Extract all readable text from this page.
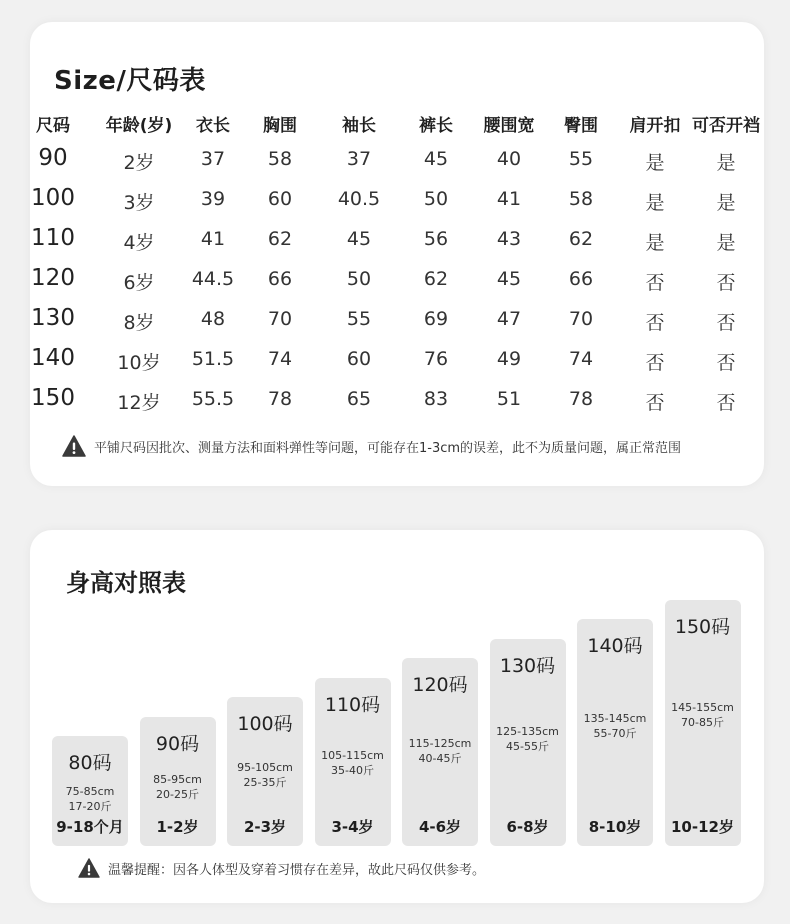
Size/尺码表
尺码 年龄(岁) 衣长 胸围	袖长	裤长 腰围宽 臀围 肩开扣 可否开裆
90	2岁 37 58	37	45	40	55	是	是
100	3岁 39 60 40.5 50	41	58	是	是
110	4岁 41 62	45	56	43	62	是	是
120	6岁 44.5 66	50	62	45	66	否	否
130	8岁 48 70	55	69	47	70	否	否
140 10岁 51.5 74	60	76	49	74	否	否
150 12岁 55.5 78	65	83	51	78	否	否
平铺尺码因批次、测量方法和面料弹性等问题，可能存在1-3cm的误差，此不为质量问题，属正常范围
身高对照表
80码
75-85cm
17-20斤
9-18个月
90码
85-95cm
20-25斤
1-2岁
100码
95-105cm
25-35斤
2-3岁
110码
105-115cm
35-40斤
3-4岁
120码
115-125cm
40-45斤
4-6岁
130码
125-135cm
45-55斤
6-8岁
140码
135-145cm
55-70斤
8-10岁
150码
145-155cm
70-85斤
10-12岁
温馨提醒：因各人体型及穿着习惯存在差异，故此尺码仅供参考。
